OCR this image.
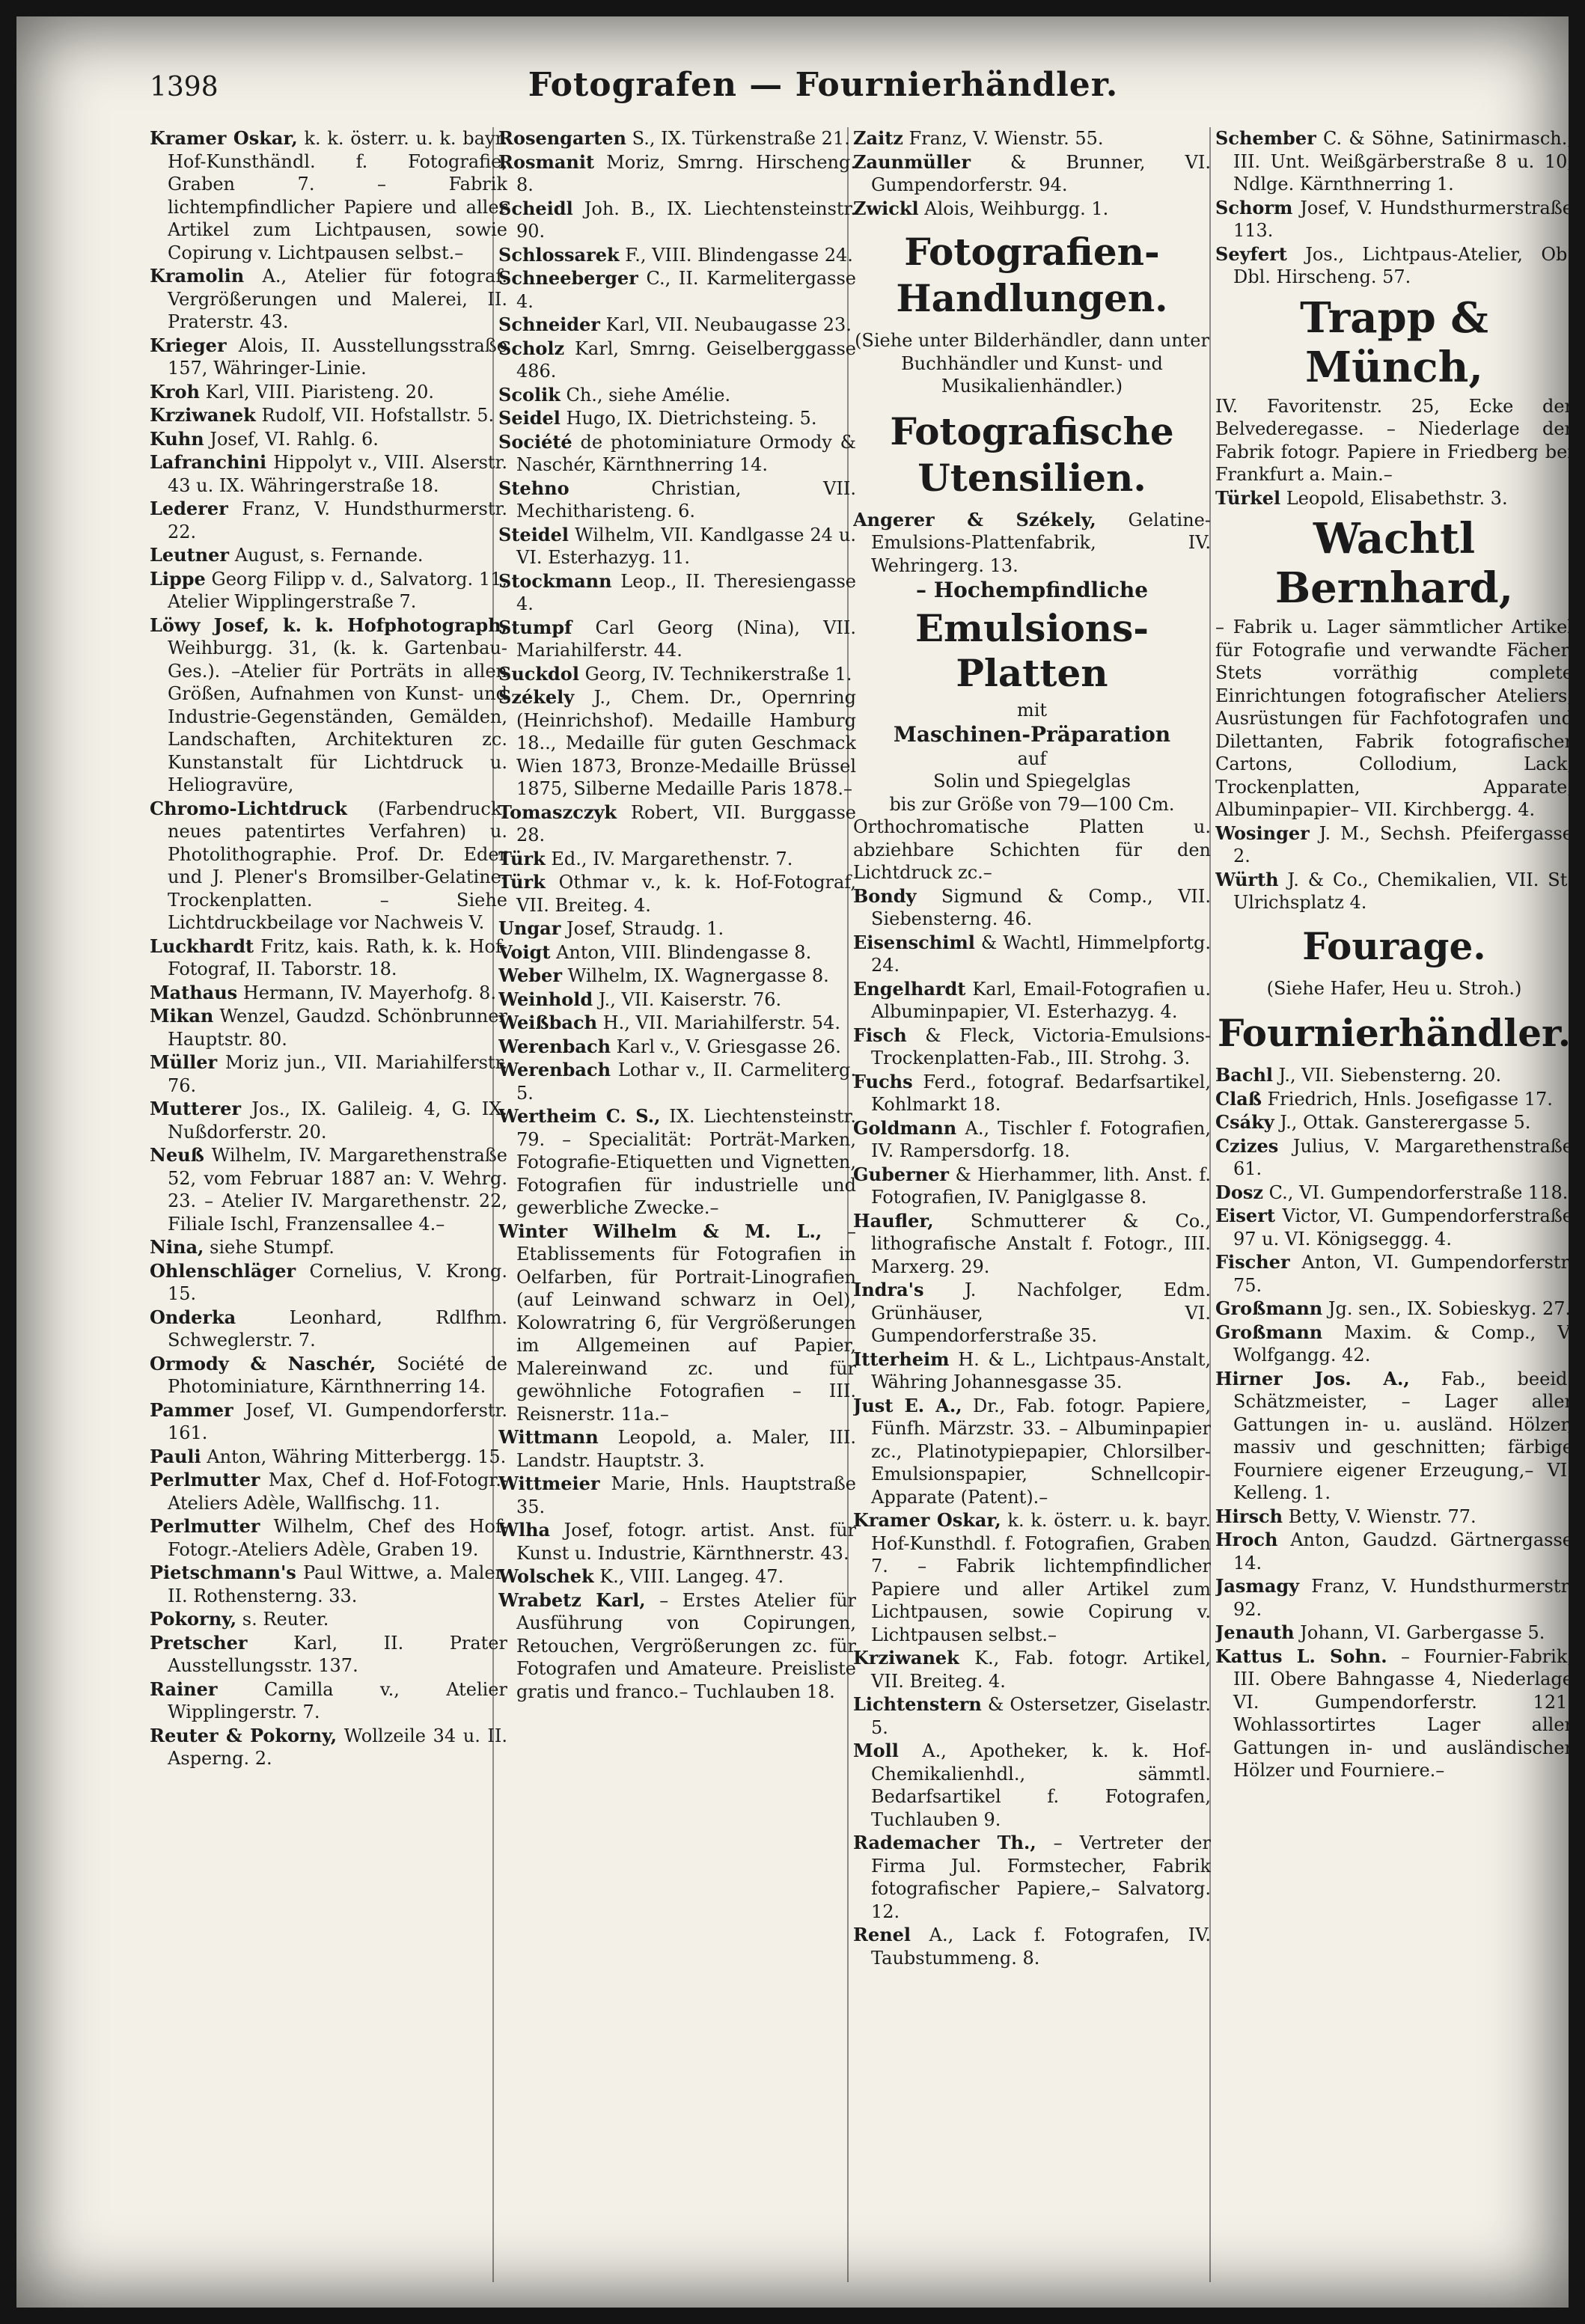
1398	Fotografen — Fournierhändler.

Kramer Oskar, k. k. österr. u. k. bayr. Hof-Kunsthändl. f. Fotografie, Graben 7. – Fabrik lichtempfindlicher Papiere und aller Artikel zum Lichtpausen, sowie Copirung v. Lichtpausen selbst.–

Kramolin A., Atelier für fotograf. Vergrößerungen und Malerei, II. Praterstr. 43.

Krieger Alois, II. Ausstellungsstraße 157, Währinger-Linie.

Kroh Karl, VIII. Piaristeng. 20.

Krziwanek Rudolf, VII. Hofstallstr. 5.

Kuhn Josef, VI. Rahlg. 6.

Lafranchini Hippolyt v., VIII. Alserstr. 43 u. IX. Währingerstraße 18.

Lederer Franz, V. Hundsthurmerstr. 22.

Leutner August, s. Fernande.

Lippe Georg Filipp v. d., Salvatorg. 11, Atelier Wipplingerstraße 7.

Löwy Josef, k. k. Hofphotograph, Weihburgg. 31, (k. k. Gartenbau-Ges.). –Atelier für Porträts in allen Größen, Aufnahmen von Kunst- und Industrie-Gegenständen, Gemälden, Landschaften, Architekturen zc. Kunstanstalt für Lichtdruck u. Heliogravüre,

Chromo-Lichtdruck (Farbendruck, neues patentirtes Verfahren) u. Photolithographie. Prof. Dr. Eder und J. Plener's Bromsilber-Gelatine-Trockenplatten. – Siehe Lichtdruckbeilage vor Nachweis V.

Luckhardt Fritz, kais. Rath, k. k. Hof-Fotograf, II. Taborstr. 18.

Mathaus Hermann, IV. Mayerhofg. 8.

Mikan Wenzel, Gaudzd. Schönbrunner Hauptstr. 80.

Müller Moriz jun., VII. Mariahilferstr. 76.

Mutterer Jos., IX. Galileig. 4, G. IX. Nußdorferstr. 20.

Neuß Wilhelm, IV. Margarethenstraße 52, vom Februar 1887 an: V. Wehrg. 23. – Atelier IV. Margarethenstr. 22, Filiale Ischl, Franzensallee 4.–

Nina, siehe Stumpf.

Ohlenschläger Cornelius, V. Krong. 15.

Onderka	Leonhard, Rdlfhm. Schweglerstr. 7.

Ormody & Naschér, Société de Photominiature, Kärnthnerring 14.

Pammer Josef, VI. Gumpendorferstr. 161.

Pauli Anton, Währing Mitterbergg. 15.

Perlmutter Max, Chef d. Hof-Fotogr.-Ateliers Adèle, Wallfischg. 11.

Perlmutter Wilhelm, Chef des Hof-Fotogr.-Ateliers Adèle, Graben 19.

Pietschmann's Paul Wittwe, a. Maler, II. Rothensterng. 33.

Pokorny, s. Reuter.

Pretscher	Karl, II. Prater Ausstellungsstr. 137.

Rainer	Camilla v., Atelier Wipplingerstr. 7.

Reuter & Pokorny, Wollzeile 34 u. II. Asperng. 2.

Rosengarten S., IX. Türkenstraße 21.

Rosmanit Moriz, Smrng. Hirscheng. 8.

Scheidl Joh. B., IX. Liechtensteinstr. 90.

Schlossarek F., VIII. Blindengasse 24.

Schneeberger C., II. Karmelitergasse 4.

Schneider Karl, VII. Neubaugasse 23.

Scholz Karl, Smrng. Geiselberggasse 486.

Scolik Ch., siehe Amélie.

Seidel Hugo, IX. Dietrichsteing. 5.

Société de photominiature Ormody & Naschér, Kärnthnerring 14.

Stehno	Christian, VII. Mechitharisteng. 6.

Steidel Wilhelm, VII. Kandlgasse 24 u. VI. Esterhazyg. 11.

Stockmann Leop., II. Theresiengasse 4.

Stumpf Carl Georg (Nina), VII. Mariahilferstr. 44.

Suckdol Georg, IV. Technikerstraße 1.

Székely J., Chem. Dr., Opernring (Heinrichshof). Medaille Hamburg 18.., Medaille für guten Geschmack Wien 1873, Bronze-Medaille Brüssel 1875, Silberne Medaille Paris 1878.–

Tomaszczyk Robert, VII. Burggasse 28.

Türk Ed., IV. Margarethenstr. 7.

Türk Othmar v., k. k. Hof-Fotograf, VII. Breiteg. 4.

Ungar Josef, Straudg. 1.

Voigt Anton, VIII. Blindengasse 8.

Weber Wilhelm, IX. Wagnergasse 8.

Weinhold J., VII. Kaiserstr. 76.

Weißbach H., VII. Mariahilferstr. 54.

Werenbach Karl v., V. Griesgasse 26.

Werenbach Lothar v., II. Carmeliterg. 5.

Wertheim C. S., IX. Liechtensteinstr. 79. – Specialität: Porträt-Marken, Fotografie-Etiquetten und Vignetten, Fotografien für industrielle und gewerbliche Zwecke.–

Winter Wilhelm & M. L., – Etablissements für Fotografien in Oelfarben, für Portrait-Linografien (auf Leinwand schwarz in Oel), Kolowratring 6, für Vergrößerungen im Allgemeinen auf Papier, Malereinwand zc. und für gewöhnliche Fotografien – III. Reisnerstr. 11a.–

Wittmann Leopold, a. Maler, III. Landstr. Hauptstr. 3.

Wittmeier Marie, Hnls. Hauptstraße 35.

Wlha Josef, fotogr. artist. Anst. für Kunst u. Industrie, Kärnthnerstr. 43.

Wolschek K., VIII. Langeg. 47.

Wrabetz Karl, – Erstes Atelier für Ausführung von Copirungen, Retouchen, Vergrößerungen zc. für Fotografen und Amateure. Preisliste gratis und franco.– Tuchlauben 18.

Zaitz Franz, V. Wienstr. 55.

Zaunmüller & Brunner, VI. Gumpendorferstr. 94.

Zwickl Alois, Weihburgg. 1.

Fotografien-Handlungen.
(Siehe unter Bilderhändler, dann unter Buchhändler und Kunst- und Musikalienhändler.)
Fotografische Utensilien.

Angerer & Székely, Gelatine-Emulsions-Plattenfabrik, IV. Wehringerg. 13.

– Hochempfindliche
Emulsions-Platten
mit
Maschinen-Präparation
auf
Solin und Spiegelglas
bis zur Größe von 79—100 Cm.
Orthochromatische Platten u. abziehbare Schichten für den Lichtdruck zc.–

Bondy Sigmund & Comp., VII. Siebensterng. 46.

Eisenschiml & Wachtl, Himmelpfortg. 24.

Engelhardt Karl, Email-Fotografien u. Albuminpapier, VI. Esterhazyg. 4.

Fisch & Fleck, Victoria-Emulsions-Trockenplatten-Fab., III. Strohg. 3.

Fuchs Ferd., fotograf. Bedarfsartikel, Kohlmarkt 18.

Goldmann A., Tischler f. Fotografien, IV. Rampersdorfg. 18.

Guberner & Hierhammer, lith. Anst. f. Fotografien, IV. Paniglgasse 8.

Haufler, Schmutterer & Co., lithografische Anstalt f. Fotogr., III. Marxerg. 29.

Indra's J. Nachfolger, Edm. Grünhäuser, VI. Gumpendorferstraße 35.

Itterheim H. & L., Lichtpaus-Anstalt, Währing Johannesgasse 35.

Just E. A., Dr., Fab. fotogr. Papiere, Fünfh. Märzstr. 33. – Albuminpapier zc., Platinotypiepapier, Chlorsilber-Emulsionspapier, Schnellcopir-Apparate (Patent).–

Kramer Oskar, k. k. österr. u. k. bayr. Hof-Kunsthdl. f. Fotografien, Graben 7. – Fabrik lichtempfindlicher Papiere und aller Artikel zum Lichtpausen, sowie Copirung v. Lichtpausen selbst.–

Krziwanek K., Fab. fotogr. Artikel, VII. Breiteg. 4.

Lichtenstern & Ostersetzer, Giselastr. 5.

Moll A., Apotheker, k. k. Hof-Chemikalienhdl., sämmtl. Bedarfsartikel f. Fotografen, Tuchlauben 9.

Rademacher Th., – Vertreter der Firma Jul. Formstecher, Fabrik fotografischer Papiere,– Salvatorg. 12.

Renel A., Lack f. Fotografen, IV. Taubstummeng. 8.

Schember C. & Söhne, Satinirmasch., III. Unt. Weißgärberstraße 8 u. 10, Ndlge. Kärnthnerring 1.

Schorm Josef, V. Hundsthurmerstraße 113.

Seyfert Jos., Lichtpaus-Atelier, Ob. Dbl. Hirscheng. 57.

Trapp & Münch,
IV. Favoritenstr. 25, Ecke der Belvederegasse. – Niederlage der Fabrik fotogr. Papiere in Friedberg bei Frankfurt a. Main.–

Türkel Leopold, Elisabethstr. 3.

Wachtl Bernhard,
– Fabrik u. Lager sämmtlicher Artikel für Fotografie und verwandte Fächer. Stets vorräthig complete Einrichtungen fotografischer Ateliers, Ausrüstungen für Fachfotografen und Dilettanten, Fabrik fotografischer Cartons, Collodium, Lack, Trockenplatten, Apparate, Albuminpapier– VII. Kirchbergg. 4.

Wosinger J. M., Sechsh. Pfeifergasse 2.

Würth J. & Co., Chemikalien, VII. St. Ulrichsplatz 4.

Fourage.
(Siehe Hafer, Heu u. Stroh.)
Fournierhändler.

Bachl J., VII. Siebensterng. 20.

Claß Friedrich, Hnls. Josefigasse 17.

Csáky J., Ottak. Gansterergasse 5.

Czizes Julius, V. Margarethenstraße 61.

Dosz C., VI. Gumpendorferstraße 118.

Eisert Victor, VI. Gumpendorferstraße 97 u. VI. Königseggg. 4.

Fischer Anton, VI. Gumpendorferstr. 75.

Großmann Jg. sen., IX. Sobieskyg. 27.

Großmann Maxim. & Comp., V. Wolfgangg. 42.

Hirner Jos. A., Fab., beeid. Schätzmeister, – Lager aller Gattungen in- u. ausländ. Hölzer, massiv und geschnitten; färbige Fourniere eigener Erzeugung,– VI. Kelleng. 1.

Hirsch Betty, V. Wienstr. 77.

Hroch Anton, Gaudzd. Gärtnergasse 14.

Jasmagy Franz, V. Hundsthurmerstr. 92.

Jenauth Johann, VI. Garbergasse 5.

Kattus L. Sohn. – Fournier-Fabrik, III. Obere Bahngasse 4, Niederlage VI. Gumpendorferstr. 121. Wohlassortirtes Lager aller Gattungen in- und ausländischer Hölzer und Fourniere.–
